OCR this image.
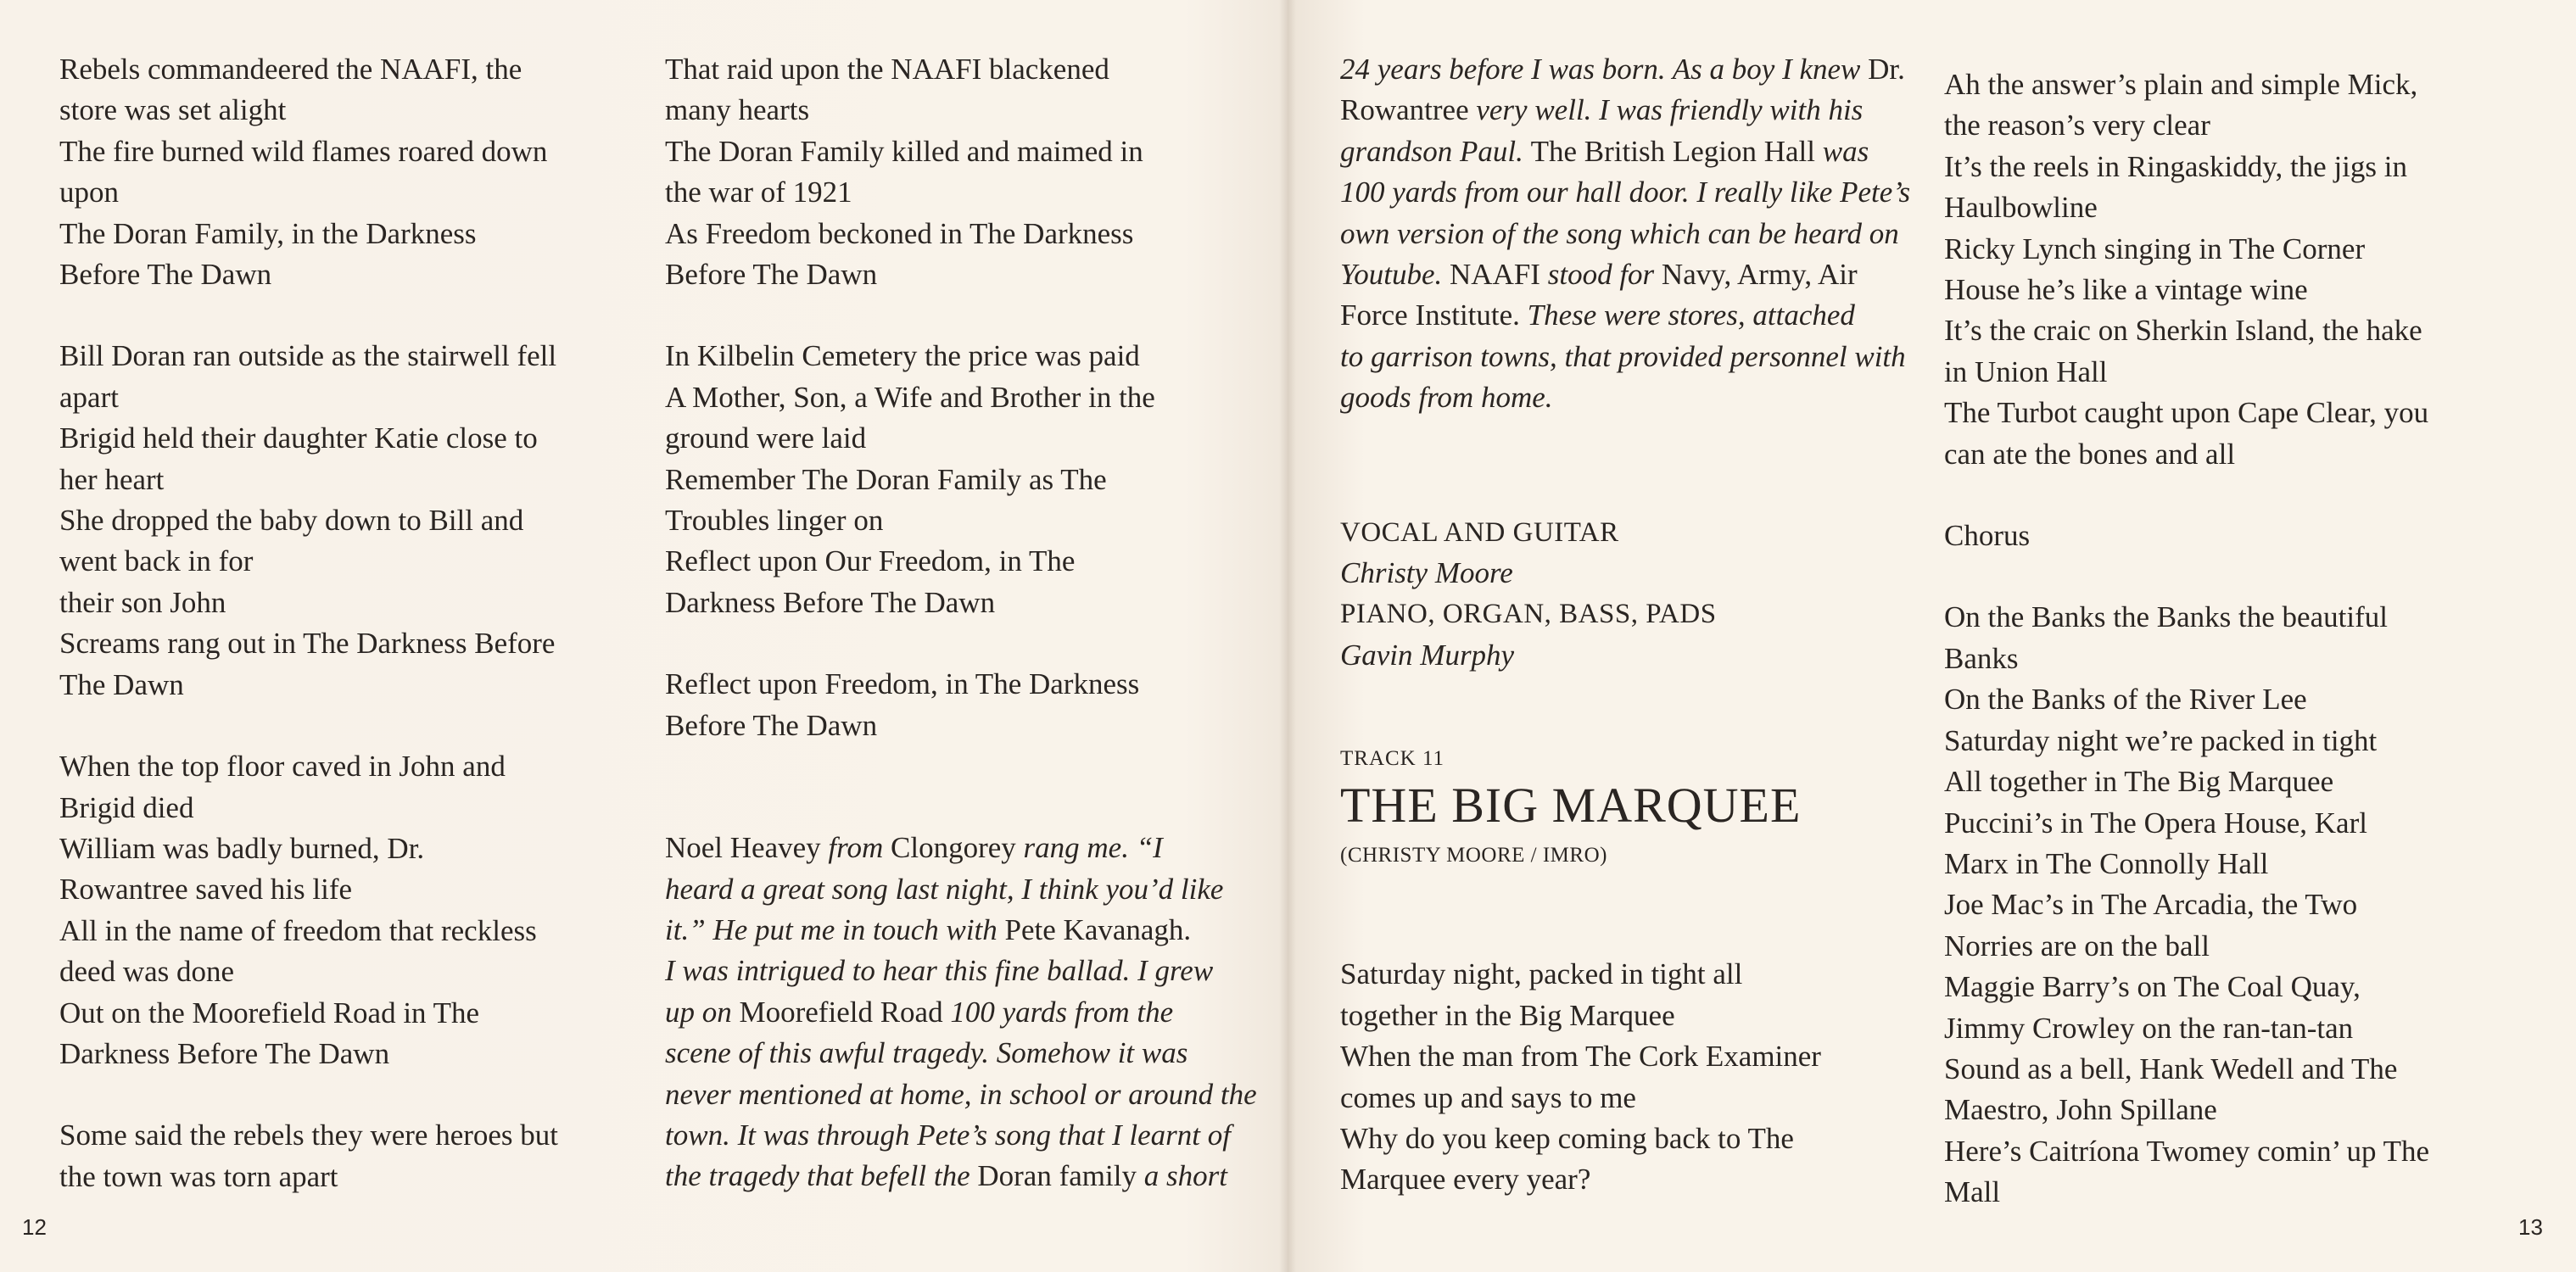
Rebels commandeered the NAAFI, the

store was set alight

The fire burned wild flames roared down

upon

The Doran Family, in the Darkness

Before The Dawn

Bill Doran ran outside as the stairwell fell

apart

Brigid held their daughter Katie close to

her heart

She dropped the baby down to Bill and

went back in for

their son John

Screams rang out in The Darkness Before

The Dawn

When the top floor caved in John and

Brigid died

William was badly burned, Dr.

Rowantree saved his life

All in the name of freedom that reckless

deed was done

Out on the Moorefield Road in The

Darkness Before The Dawn

Some said the rebels they were heroes but

the town was torn apart

That raid upon the NAAFI blackened

many hearts

The Doran Family killed and maimed in

the war of 1921

As Freedom beckoned in The Darkness

Before The Dawn

In Kilbelin Cemetery the price was paid

A Mother, Son, a Wife and Brother in the

ground were laid

Remember The Doran Family as The

Troubles linger on

Reflect upon Our Freedom, in The

Darkness Before The Dawn

Reflect upon Freedom, in The Darkness

Before The Dawn

Noel Heavey from Clongorey rang me. “I

heard a great song last night, I think you’d like

it.” He put me in touch with Pete Kavanagh.

I was intrigued to hear this fine ballad. I grew

up on Moorefield Road 100 yards from the

scene of this awful tragedy. Somehow it was

never mentioned at home, in school or around the

town. It was through Pete’s song that I learnt of

the tragedy that befell the Doran family a short

24 years before I was born. As a boy I knew Dr.

Rowantree very well. I was friendly with his

grandson Paul. The British Legion Hall was

100 yards from our hall door. I really like Pete’s

own version of the song which can be heard on

Youtube. NAAFI stood for Navy, Army, Air

Force Institute. These were stores, attached

to garrison towns, that provided personnel with

goods from home.

VOCAL AND GUITAR

Christy Moore

PIANO, ORGAN, BASS, PADS

Gavin Murphy

TRACK 11

THE BIG MARQUEE

(CHRISTY MOORE / IMRO)

Saturday night, packed in tight all

together in the Big Marquee

When the man from The Cork Examiner

comes up and says to me

Why do you keep coming back to The

Marquee every year?

Ah the answer’s plain and simple Mick,

the reason’s very clear

It’s the reels in Ringaskiddy, the jigs in

Haulbowline

Ricky Lynch singing in The Corner

House he’s like a vintage wine

It’s the craic on Sherkin Island, the hake

in Union Hall

The Turbot caught upon Cape Clear, you

can ate the bones and all

Chorus

On the Banks the Banks the beautiful

Banks

On the Banks of the River Lee

Saturday night we’re packed in tight

All together in The Big Marquee

Puccini’s in The Opera House, Karl

Marx in The Connolly Hall

Joe Mac’s in The Arcadia, the Two

Norries are on the ball

Maggie Barry’s on The Coal Quay,

Jimmy Crowley on the ran-tan-tan

Sound as a bell, Hank Wedell and The

Maestro, John Spillane

Here’s Caitríona Twomey comin’ up The

Mall

12	13
